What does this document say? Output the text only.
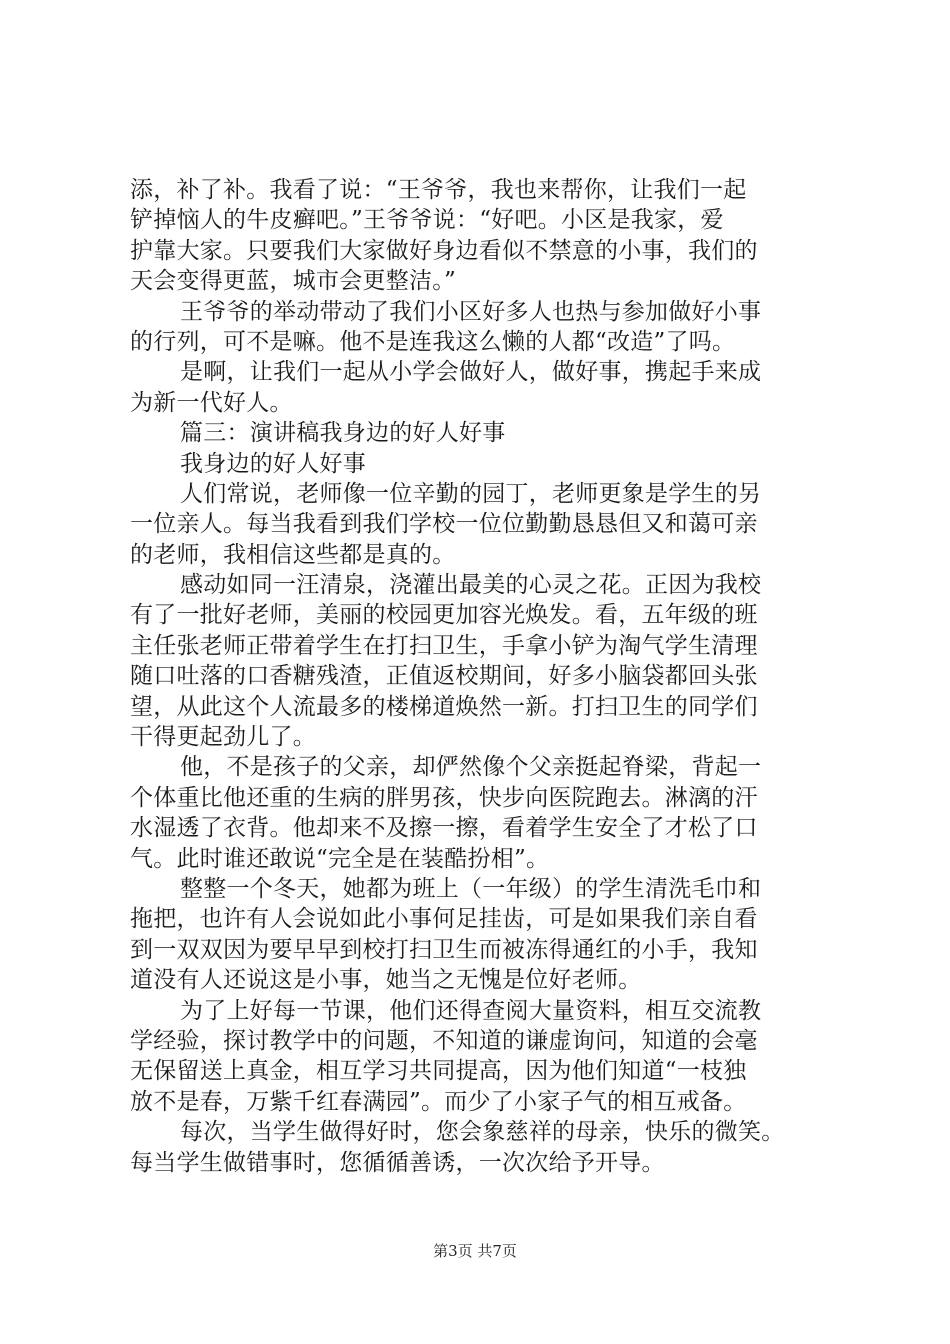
添，补了补。我看了说：“王爷爷，我也来帮你，让我们一起
铲掉恼人的牛皮癣吧。”王爷爷说：“好吧。小区是我家，爱
护靠大家。只要我们大家做好身边看似不禁意的小事，我们的
天会变得更蓝，城市会更整洁。”
王爷爷的举动带动了我们小区好多人也热与参加做好小事
的行列，可不是嘛。他不是连我这么懒的人都“改造”了吗。
是啊，让我们一起从小学会做好人，做好事，携起手来成
为新一代好人。
篇三：演讲稿我身边的好人好事
我身边的好人好事
人们常说，老师像一位辛勤的园丁，老师更象是学生的另
一位亲人。每当我看到我们学校一位位勤勤恳恳但又和蔼可亲
的老师，我相信这些都是真的。
感动如同一汪清泉，浇灌出最美的心灵之花。正因为我校
有了一批好老师，美丽的校园更加容光焕发。看，五年级的班
主任张老师正带着学生在打扫卫生，手拿小铲为淘气学生清理
随口吐落的口香糖残渣，正值返校期间，好多小脑袋都回头张
望，从此这个人流最多的楼梯道焕然一新。打扫卫生的同学们
干得更起劲儿了。
他，不是孩子的父亲，却俨然像个父亲挺起脊梁，背起一
个体重比他还重的生病的胖男孩，快步向医院跑去。淋漓的汗
水湿透了衣背。他却来不及擦一擦，看着学生安全了才松了口
气。此时谁还敢说“完全是在装酷扮相”。
整整一个冬天，她都为班上（一年级）的学生清洗毛巾和
拖把，也许有人会说如此小事何足挂齿，可是如果我们亲自看
到一双双因为要早早到校打扫卫生而被冻得通红的小手，我知
道没有人还说这是小事，她当之无愧是位好老师。
为了上好每一节课，他们还得查阅大量资料，相互交流教
学经验，探讨教学中的问题，不知道的谦虚询问，知道的会毫
无保留送上真金，相互学习共同提高，因为他们知道“一枝独
放不是春，万紫千红春满园”。而少了小家子气的相互戒备。
每次，当学生做得好时，您会象慈祥的母亲，快乐的微笑。
每当学生做错事时，您循循善诱，一次次给予开导。
第3页 共7页
